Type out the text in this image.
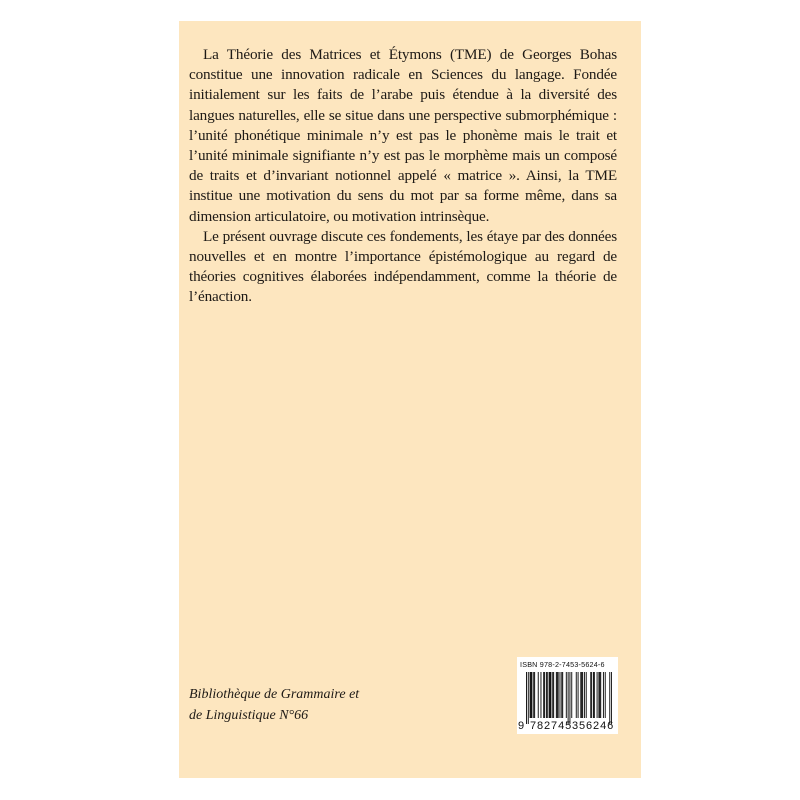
La Théorie des Matrices et Étymons (TME) de Georges Bohas constitue une innovation radicale en Sciences du langage. Fondée initialement sur les faits de l’arabe puis étendue à la diversité des langues naturelles, elle se situe dans une perspective submorphémique : l’unité phonétique minimale n’y est pas le phonème mais le trait et l’unité minimale signifiante n’y est pas le morphème mais un composé de traits et d’invariant notionnel appelé « matrice ». Ainsi, la TME institue une motivation du sens du mot par sa forme même, dans sa dimension articulatoire, ou motivation intrinsèque.

Le présent ouvrage discute ces fondements, les étaye par des données nouvelles et en montre l’importance épistémologique au regard de théories cognitives élaborées indépendamment, comme la théorie de l’énaction.

Bibliothèque de Grammaire et
de Linguistique N°66
ISBN 978-2-7453-5624-6
9 782745 356246
